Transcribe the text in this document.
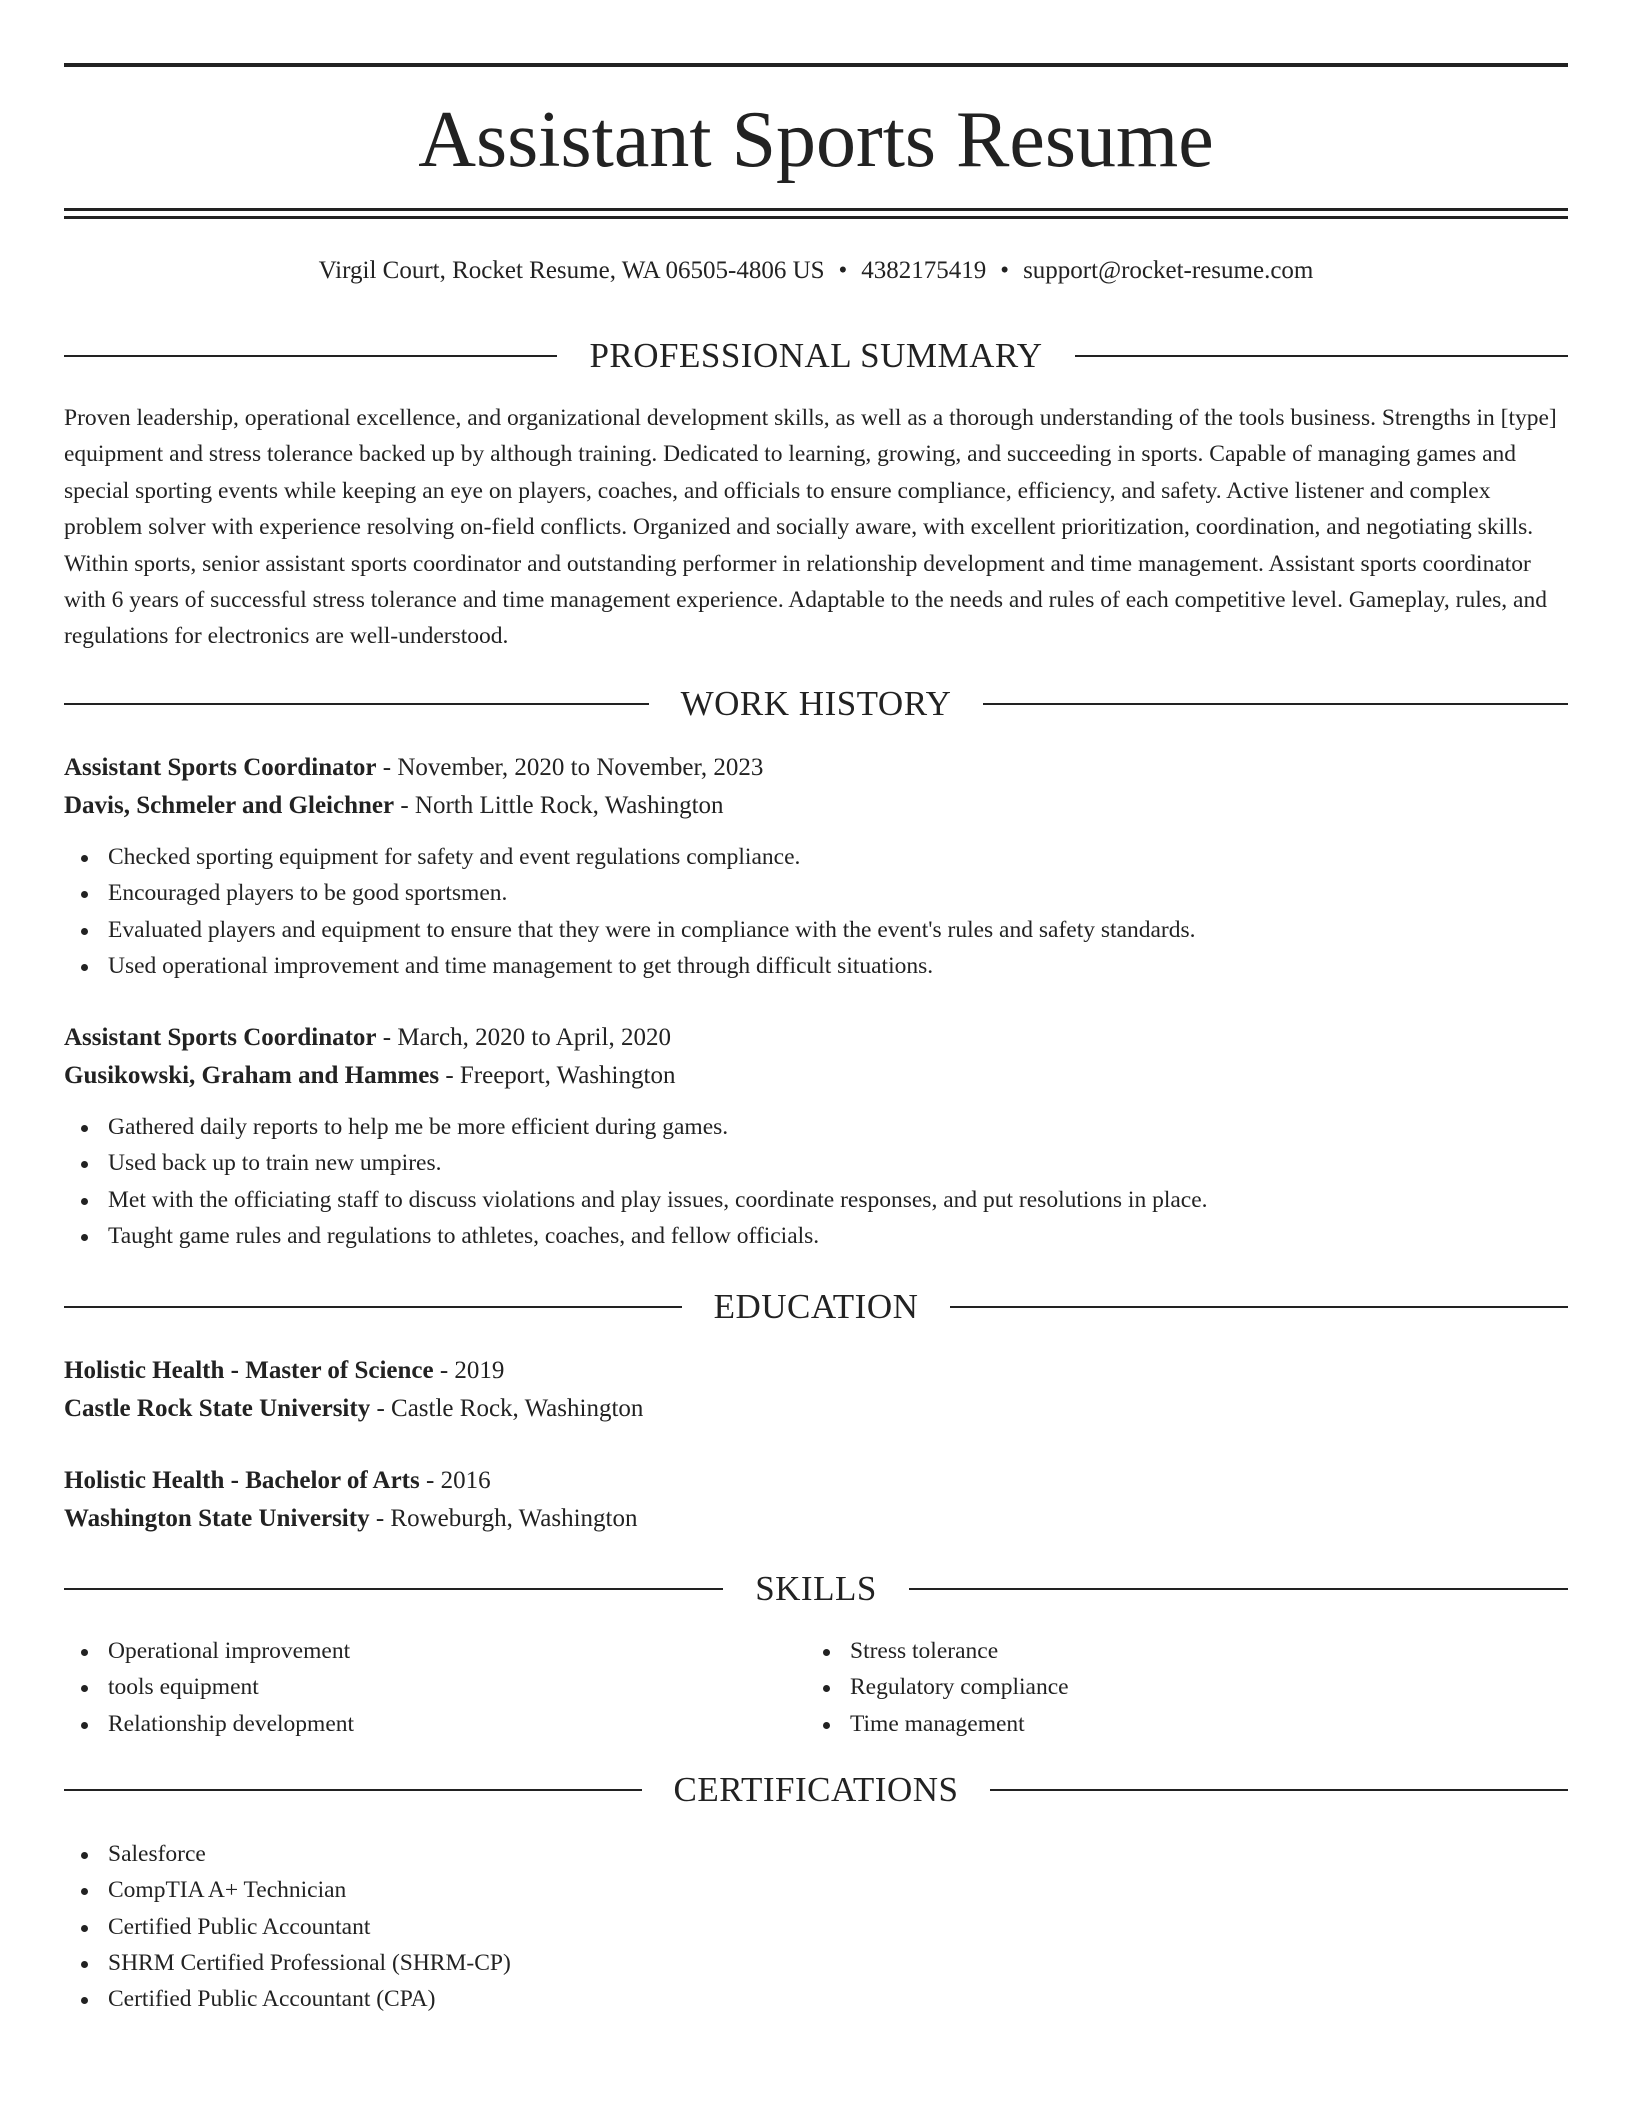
Assistant Sports Resume
Virgil Court, Rocket Resume, WA 06505-4806 US • 4382175419 • support@rocket-resume.com
PROFESSIONAL SUMMARY

Proven leadership, operational excellence, and organizational development skills, as well as a thorough understanding of the tools business. Strengths in [type] equipment and stress tolerance backed up by although training. Dedicated to learning, growing, and succeeding in sports. Capable of managing games and special sporting events while keeping an eye on players, coaches, and officials to ensure compliance, efficiency, and safety. Active listener and complex problem solver with experience resolving on-field conflicts. Organized and socially aware, with excellent prioritization, coordination, and negotiating skills. Within sports, senior assistant sports coordinator and outstanding performer in relationship development and time management. Assistant sports coordinator with 6 years of successful stress tolerance and time management experience. Adaptable to the needs and rules of each competitive level. Gameplay, rules, and regulations for electronics are well-understood.

WORK HISTORY

Assistant Sports Coordinator - November, 2020 to November, 2023

Davis, Schmeler and Gleichner - North Little Rock, Washington

Checked sporting equipment for safety and event regulations compliance.
Encouraged players to be good sportsmen.
Evaluated players and equipment to ensure that they were in compliance with the event's rules and safety standards.
Used operational improvement and time management to get through difficult situations.

Assistant Sports Coordinator - March, 2020 to April, 2020

Gusikowski, Graham and Hammes - Freeport, Washington

Gathered daily reports to help me be more efficient during games.
Used back up to train new umpires.
Met with the officiating staff to discuss violations and play issues, coordinate responses, and put resolutions in place.
Taught game rules and regulations to athletes, coaches, and fellow officials.
EDUCATION

Holistic Health - Master of Science - 2019

Castle Rock State University - Castle Rock, Washington

Holistic Health - Bachelor of Arts - 2016

Washington State University - Roweburgh, Washington

SKILLS
Operational improvement
tools equipment
Relationship development
Stress tolerance
Regulatory compliance
Time management
CERTIFICATIONS
Salesforce
CompTIA A+ Technician
Certified Public Accountant
SHRM Certified Professional (SHRM-CP)
Certified Public Accountant (CPA)
